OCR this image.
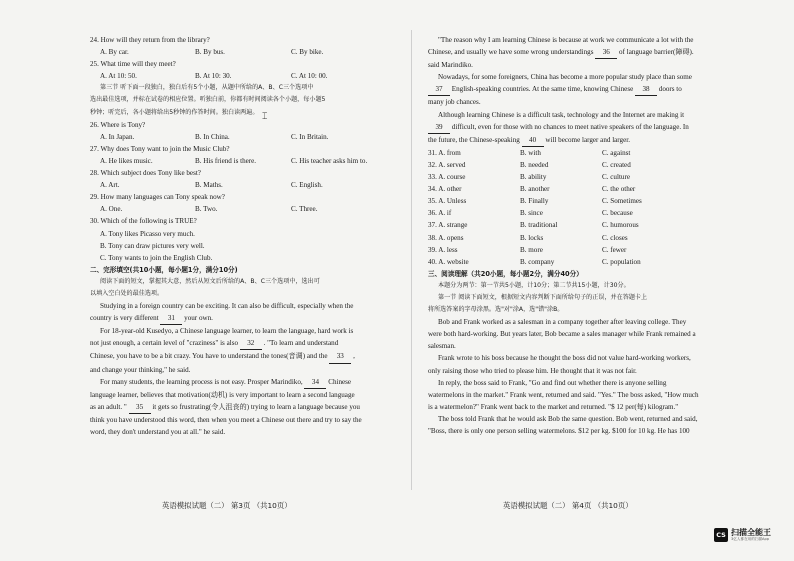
24. How will they return from the library?
A. By car.	B. By bus.	C. By bike.
25. What time will they meet?
A. At 10: 50.	B. At 10: 30.	C. At 10: 00.
第三节 听下面一段独白，独白后有5个小题，从题中所给的A、B、C三个选项中
选出最佳选项，并标在试卷的相应位置。听独白前，你都有时间阅读各个小题，每小题5
秒钟；听完后，各小题将给出5秒钟的作答时间。独白读两遍。
26. Where is Tony?
A. In Japan.	B. In China.	C. In Britain.
27. Why does Tony want to join the Music Club?
A. He likes music.	B. His friend is there.	C. His teacher asks him to.
28. Which subject does Tony like best?
A. Art.	B. Maths.	C. English.
29. How many languages can Tony speak now?
A. One.	B. Two.	C. Three.
30. Which of the following is TRUE?
A. Tony likes Picasso very much.
B. Tony can draw pictures very well.
C. Tony wants to join the English Club.
二、完形填空(共10小题，每小题1分，满分10分)
阅读下面的短文，掌握其大意，然后从短文后所给的A、B、C三个选项中，选出可
以填入空白处的最佳选项。
Studying in a foreign country can be exciting. It can also be difficult, especially when the
country is very different 31 your own.
For 18-year-old Kusedyo, a Chinese language learner, to learn the language, hard work is
not just enough, a certain level of "craziness" is also 32 . "To learn and understand
Chinese, you have to be a bit crazy. You have to understand the tones(音调) and the 33 ,
and change your thinking," he said.
For many students, the learning process is not easy. Prosper Marindiko, 34 Chinese
language learner, believes that motivation(动机) is very important to learn a second language
as an adult. " 35 it gets so frustrating(令人沮丧的) trying to learn a language because you
think you have understood this word, then when you meet a Chinese out there and try to say the
word, they don't understand you at all." he said.
"The reason why I am learning Chinese is because at work we communicate a lot with the
Chinese, and usually we have some wrong understandings 36 of language barrier(障碍).
said Marindiko.
Nowadays, for some foreigners, China has become a more popular study place than some
37 English-speaking countries. At the same time, knowing Chinese 38 doors to
many job chances.
Although learning Chinese is a difficult task, technology and the Internet are making it
39 difficult, even for those with no chances to meet native speakers of the language. In
the future, the Chinese-speaking 40 will become larger and larger.
31. A. from	B. with	C. against
32. A. served	B. needed	C. created
33. A. course	B. ability	C. culture
34. A. other	B. another	C. the other
35. A. Unless	B. Finally	C. Sometimes
36. A. if	B. since	C. because
37. A. strange	B. traditional	C. humorous
38. A. opens	B. locks	C. closes
39. A. less	B. more	C. fewer
40. A. website	B. company	C. population
三、阅读理解（共20小题，每小题2分，满分40分）
本题分为两节：第一节共5小题，计10分；第二节共15小题，计30分。
第一节 阅读下面短文，根据短文内容判断下面所给句子的正误，并在答题卡上
将所选答案的字母涂黑。选"对"涂A，选"错"涂B。
Bob and Frank worked as a salesman in a company together after leaving college. They
were both hard-working. But years later, Bob became a sales manager while Frank remained a
salesman.
Frank wrote to his boss because he thought the boss did not value hard-working workers,
only raising those who tried to please him. He thought that it was not fair.
In reply, the boss said to Frank, "Go and find out whether there is anyone selling
watermelons in the market." Frank went, returned and said. "Yes." The boss asked, "How much
is a watermelon?" Frank went back to the market and returned. "$ 12 per(每) kilogram."
The boss told Frank that he would ask Bob the same question. Bob went, returned and said,
"Boss, there is only one person selling watermelons. $12 per kg. $100 for 10 kg. He has 100
英语模拟试题（二） 第3页 （共10页）	英语模拟试题（二） 第4页 （共10页）
⌶
CS 扫描全能王
3亿人都在用的扫描App
